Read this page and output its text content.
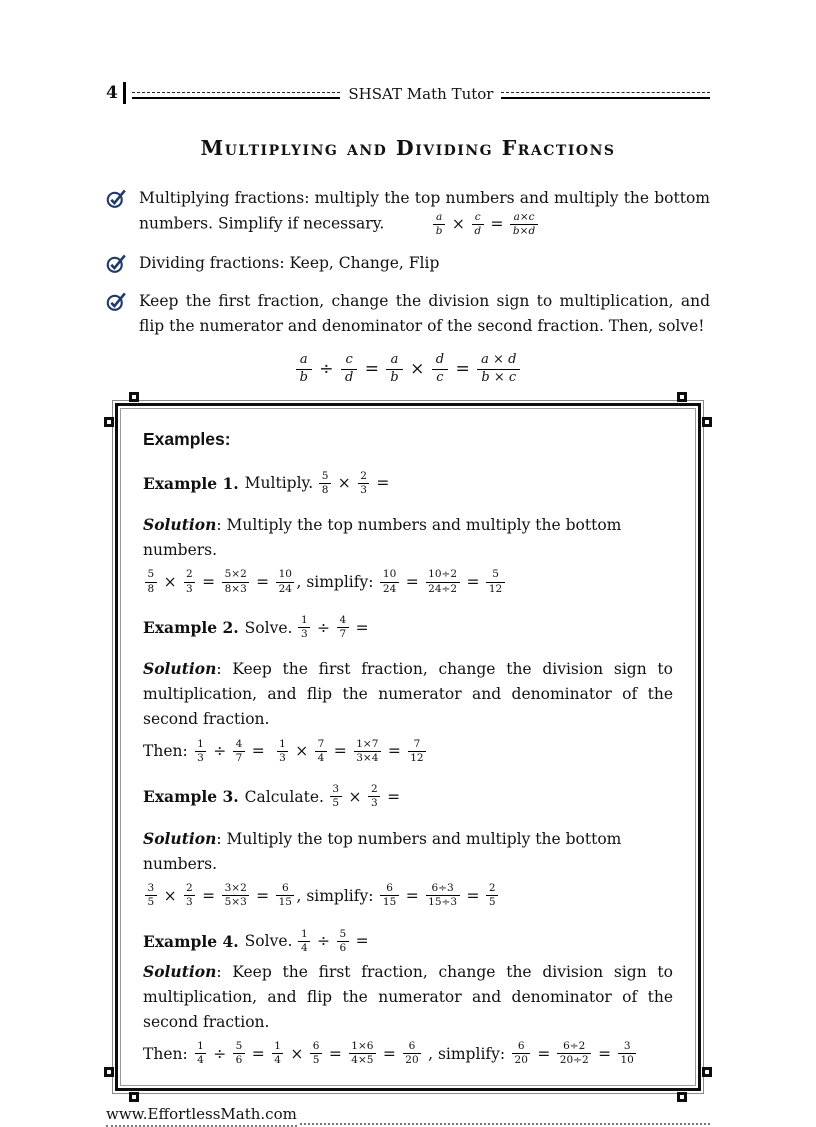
4	SHSAT Math Tutor
Multiplying and Dividing Fractions
Multiplying fractions: multiply the top numbers and multiply the bottom numbers. Simplify if necessary.	$\frac{a}{b} \times \frac{c}{d} = \frac{a\times c}{b\times d}$
Dividing fractions: Keep, Change, Flip
Keep the first fraction, change the division sign to multiplication, and flip the numerator and denominator of the second fraction. Then, solve!
$\frac{a}{b} \div \frac{c}{d} = \frac{a}{b} \times \frac{d}{c} = \frac{a \times d}{b \times c}$
Examples:
Example 1. Multiply. $\frac{5}{8} \times \frac{2}{3}$ =
Solution: Multiply the top numbers and multiply the bottom numbers.
$\frac{5}{8} \times \frac{2}{3} = \frac{5\times 2}{8\times 3} = \frac{10}{24}$ , simplify: $\frac{10}{24} = \frac{10\div 2}{24\div 2} = \frac{5}{12}$
Example 2. Solve. $\frac{1}{3} \div \frac{4}{7}$ =
Solution: Keep the first fraction, change the division sign to multiplication, and flip the numerator and denominator of the second fraction.
Then: $\frac{1}{3} \div \frac{4}{7} = \frac{1}{3} \times \frac{7}{4} = \frac{1\times 7}{3\times 4} = \frac{7}{12}$
Example 3. Calculate. $\frac{3}{5} \times \frac{2}{3}$ =
Solution: Multiply the top numbers and multiply the bottom numbers.
$\frac{3}{5} \times \frac{2}{3} = \frac{3\times 2}{5\times 3} = \frac{6}{15}$ , simplify: $\frac{6}{15} = \frac{6\div 3}{15\div 3} = \frac{2}{5}$
Example 4. Solve. $\frac{1}{4} \div \frac{5}{6}$ =
Solution: Keep the first fraction, change the division sign to multiplication, and flip the numerator and denominator of the second fraction.
Then: $\frac{1}{4} \div \frac{5}{6} = \frac{1}{4} \times \frac{6}{5} = \frac{1\times 6}{4\times 5} = \frac{6}{20}$ , simplify: $\frac{6}{20} = \frac{6\div 2}{20\div 2} = \frac{3}{10}$
www.EffortlessMath.com
